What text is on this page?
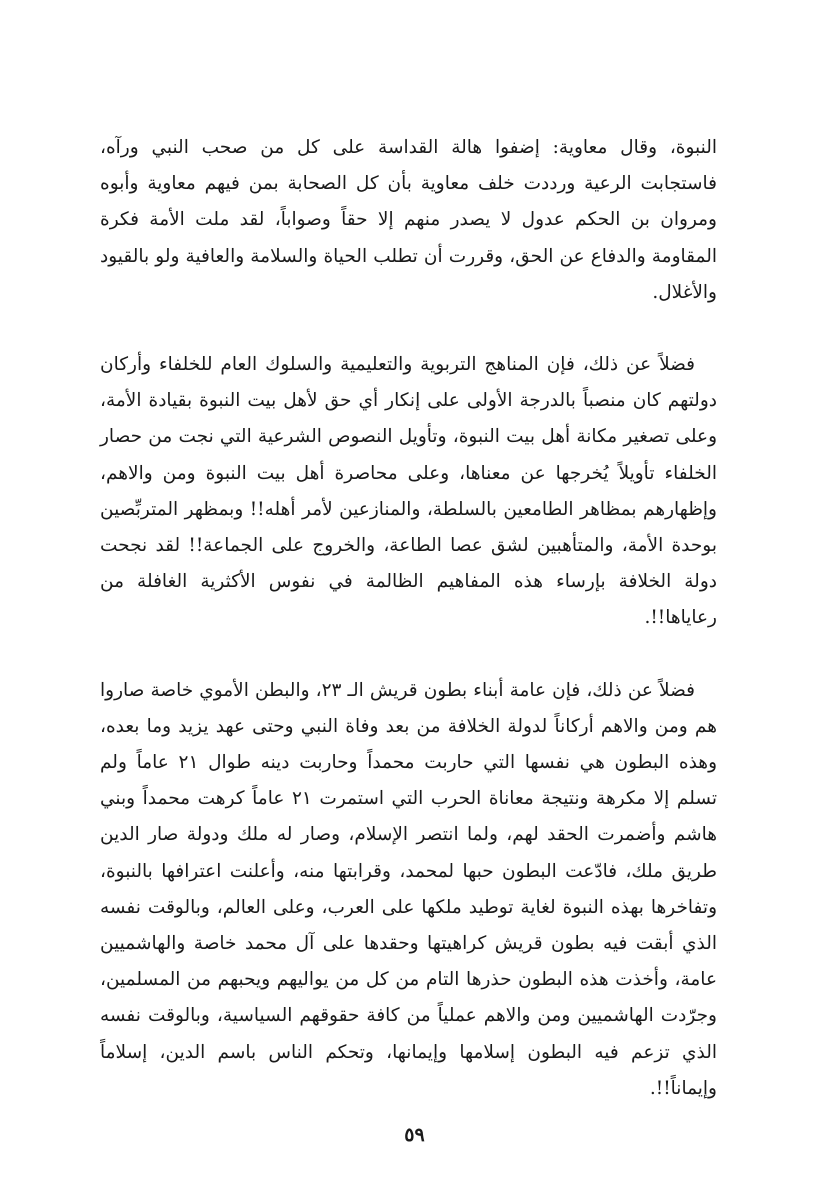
النبوة، وقال معاوية: إضفوا هالة القداسة على كل من صحب النبي ورآه، فاستجابت الرعية ورددت خلف معاوية بأن كل الصحابة بمن فيهم معاوية وأبوه ومروان بن الحكم عدول لا يصدر منهم إلا حقاً وصواباً، لقد ملت الأمة فكرة المقاومة والدفاع عن الحق، وقررت أن تطلب الحياة والسلامة والعافية ولو بالقيود والأغلال.

فضلاً عن ذلك، فإن المناهج التربوية والتعليمية والسلوك العام للخلفاء وأركان دولتهم كان منصباً بالدرجة الأولى على إنكار أي حق لأهل بيت النبوة بقيادة الأمة، وعلى تصغير مكانة أهل بيت النبوة، وتأويل النصوص الشرعية التي نجت من حصار الخلفاء تأويلاً يُخرجها عن معناها، وعلى محاصرة أهل بيت النبوة ومن والاهم، وإظهارهم بمظاهر الطامعين بالسلطة، والمنازعين لأمر أهله!! وبمظهر المتربِّصين بوحدة الأمة، والمتأهبين لشق عصا الطاعة، والخروج على الجماعة!! لقد نجحت دولة الخلافة بإرساء هذه المفاهيم الظالمة في نفوس الأكثرية الغافلة من رعاياها!!.

فضلاً عن ذلك، فإن عامة أبناء بطون قريش الـ ٢٣، والبطن الأموي خاصة صاروا هم ومن والاهم أركاناً لدولة الخلافة من بعد وفاة النبي وحتى عهد يزيد وما بعده، وهذه البطون هي نفسها التي حاربت محمداً وحاربت دينه طوال ٢١ عاماً ولم تسلم إلا مكرهة ونتيجة معاناة الحرب التي استمرت ٢١ عاماً كرهت محمداً وبني هاشم وأضمرت الحقد لهم، ولما انتصر الإسلام، وصار له ملك ودولة صار الدين طريق ملك، فادّعت البطون حبها لمحمد، وقرابتها منه، وأعلنت اعترافها بالنبوة، وتفاخرها بهذه النبوة لغاية توطيد ملكها على العرب، وعلى العالم، وبالوقت نفسه الذي أبقت فيه بطون قريش كراهيتها وحقدها على آل محمد خاصة والهاشميين عامة، وأخذت هذه البطون حذرها التام من كل من يواليهم ويحبهم من المسلمين، وجرّدت الهاشميين ومن والاهم عملياً من كافة حقوقهم السياسية، وبالوقت نفسه الذي تزعم فيه البطون إسلامها وإيمانها، وتحكم الناس باسم الدين، إسلاماً وإيماناً!!.

٥٩
